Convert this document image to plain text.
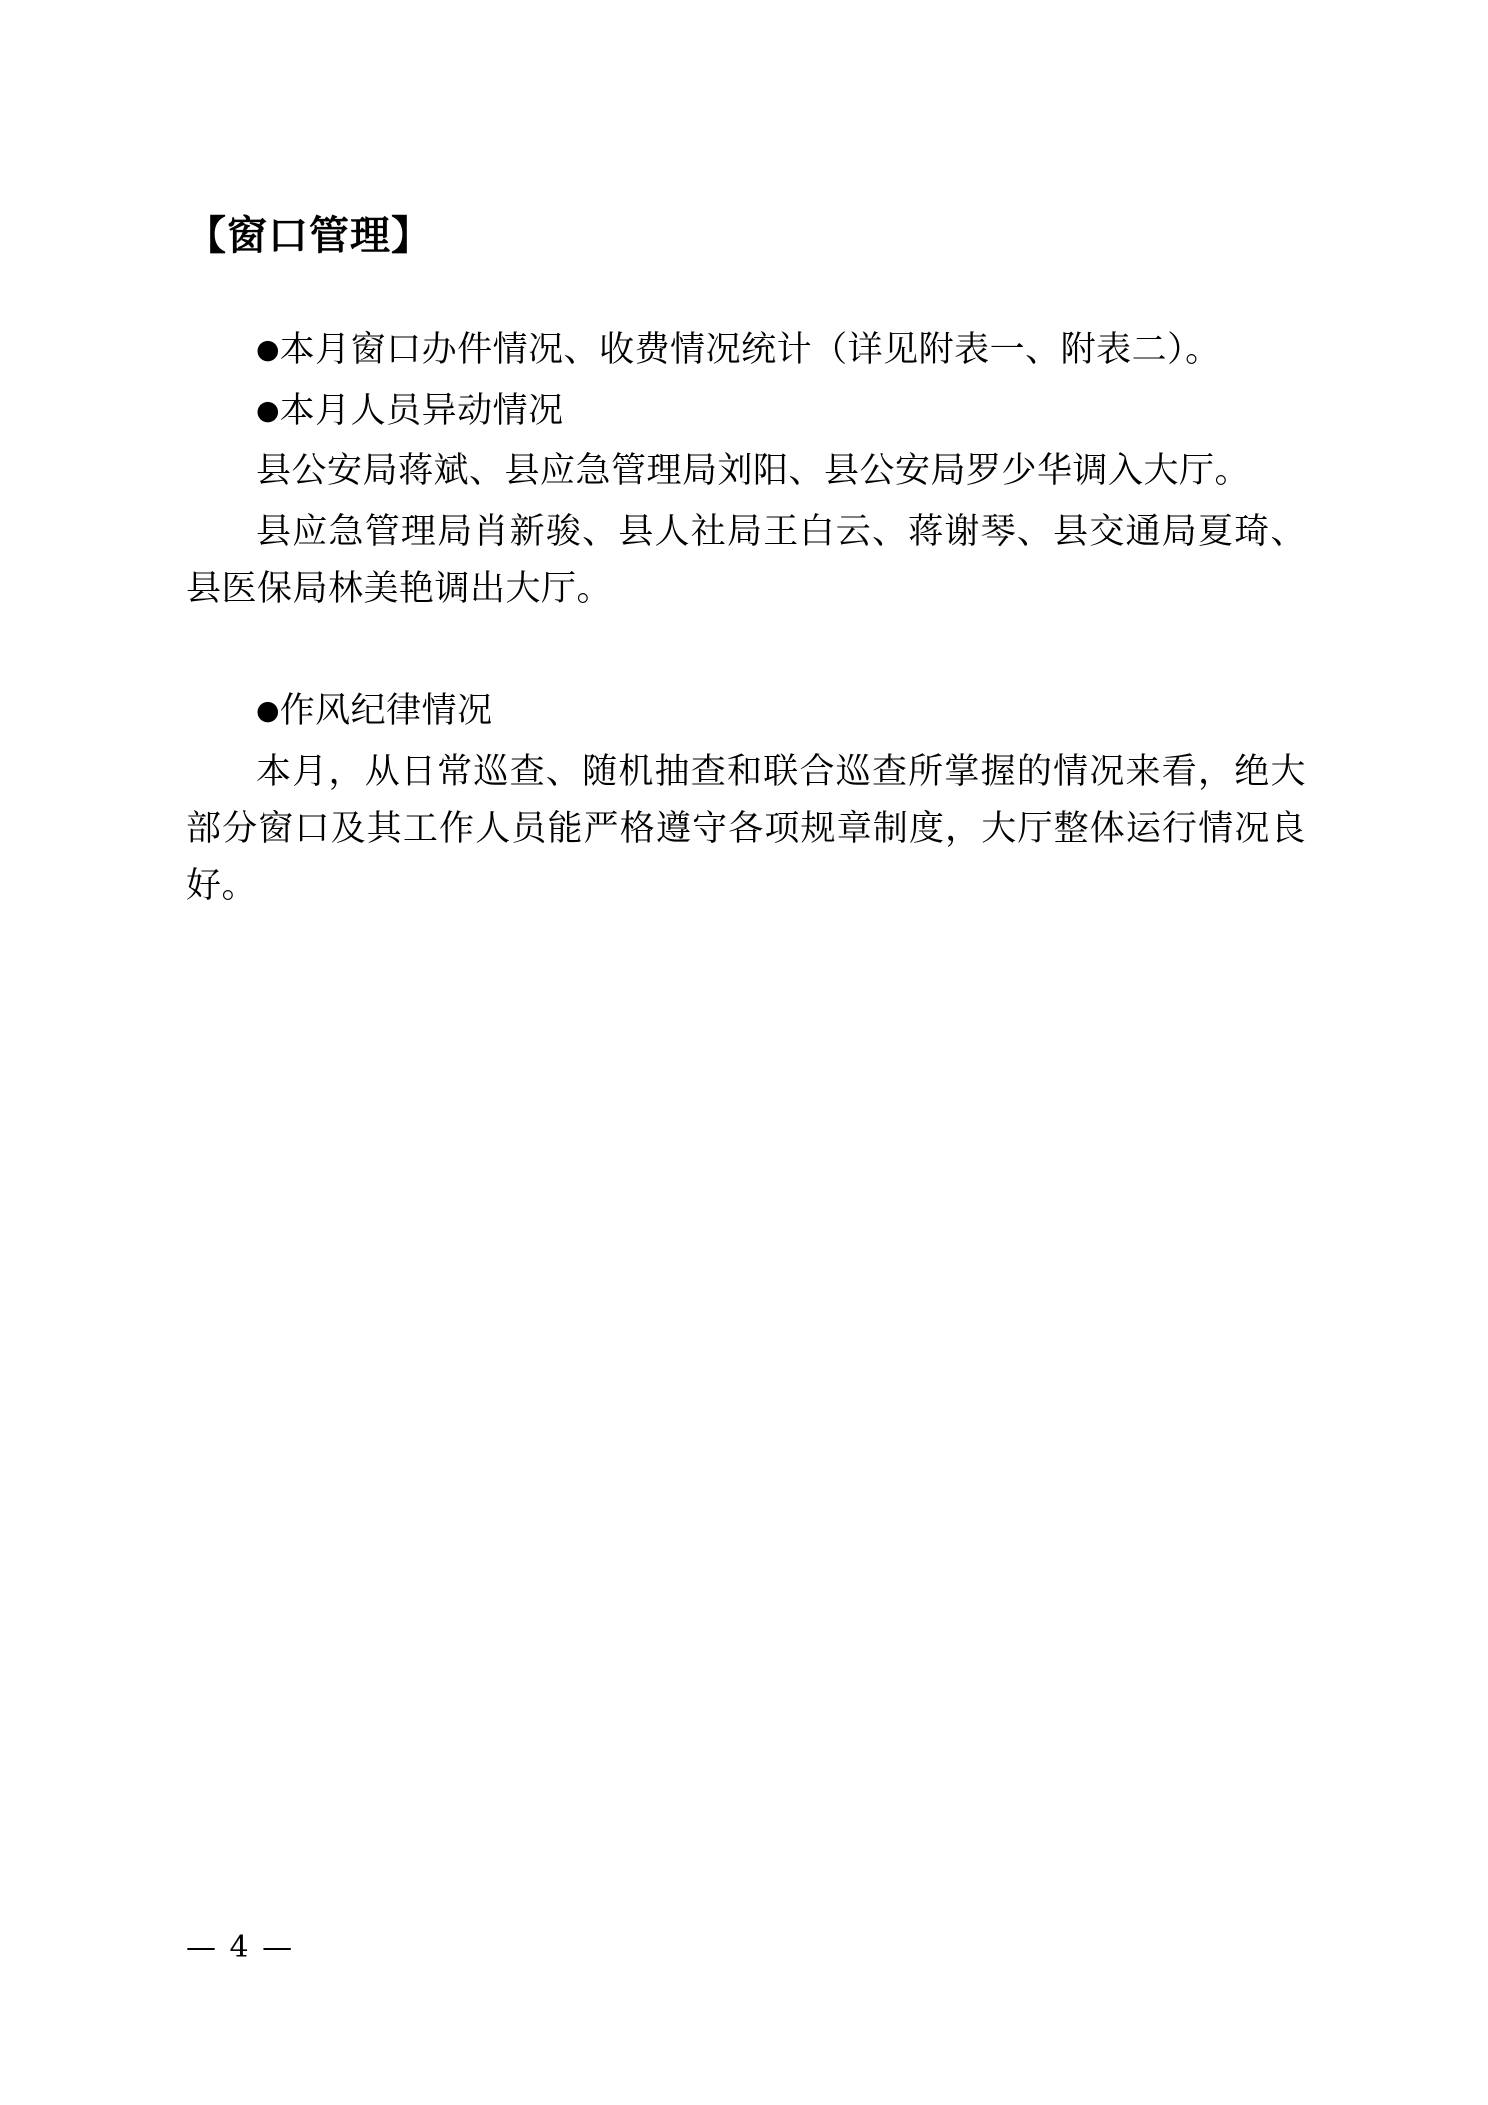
【窗口管理】

●本月窗口办件情况、收费情况统计（详见附表一、附表二）。

●本月人员异动情况

县公安局蒋斌、县应急管理局刘阳、县公安局罗少华调入大厅。

县应急管理局肖新骏、县人社局王白云、蒋谢琴、县交通局夏琦、县医保局林美艳调出大厅。

●作风纪律情况

本月，从日常巡查、随机抽查和联合巡查所掌握的情况来看，绝大部分窗口及其工作人员能严格遵守各项规章制度，大厅整体运行情况良好。

— 4 —
